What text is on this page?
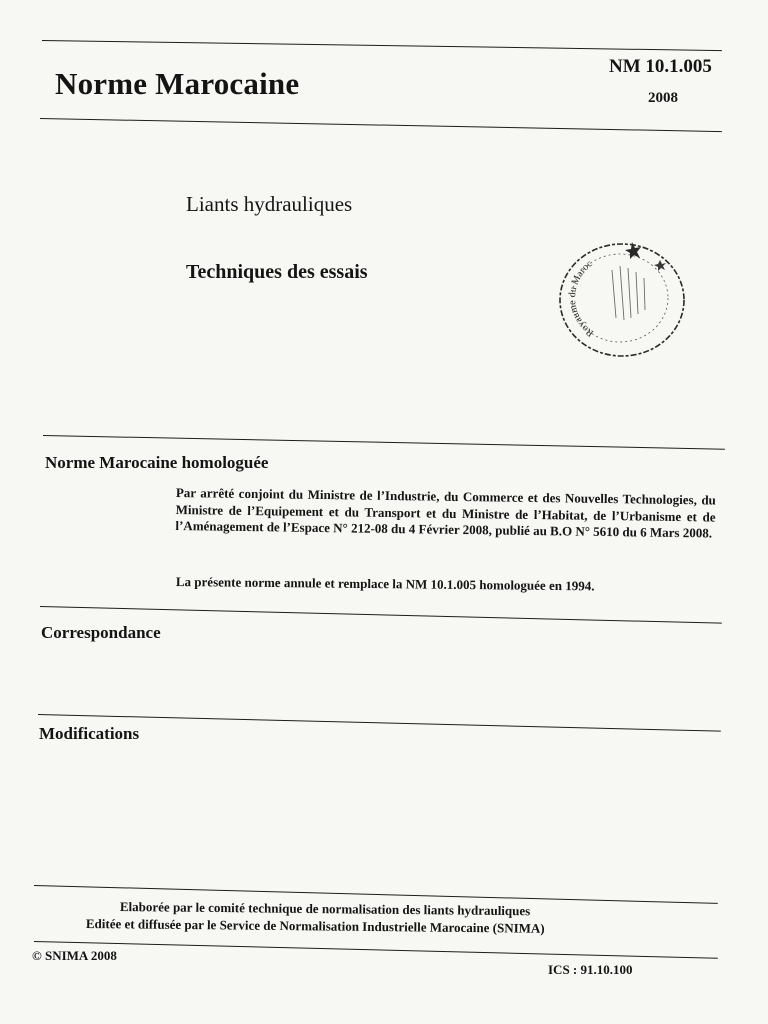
Norme Marocaine	NM 10.1.005
2008
Liants hydrauliques
Techniques des essais
Royaume du Maroc
Norme Marocaine homologuée
Par arrêté conjoint du Ministre de l’Industrie, du Commerce et des Nouvelles Technologies, du Ministre de l’Equipement et du Transport et du Ministre de l’Habitat, de l’Urbanisme et de l’Aménagement de l’Espace N° 212-08 du 4 Février 2008, publié au B.O N° 5610 du 6 Mars 2008.
La présente norme annule et remplace la NM 10.1.005 homologuée en 1994.
Correspondance
Modifications
Elaborée par le comité technique de normalisation des liants hydrauliques
Editée et diffusée par le Service de Normalisation Industrielle Marocaine (SNIMA)
© SNIMA 2008
ICS : 91.10.100
